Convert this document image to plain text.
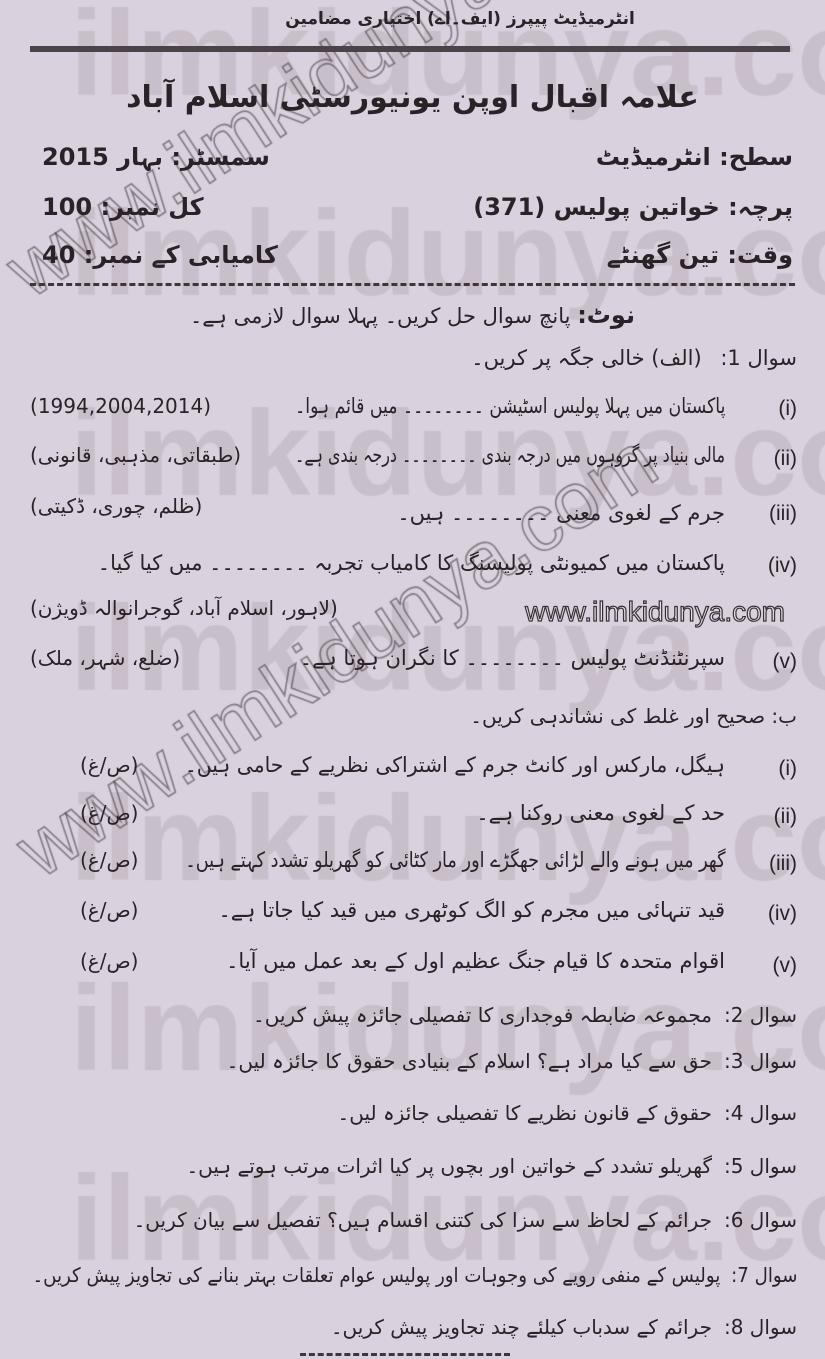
انٹرمیڈیٹ پیپرز (ایف۔اے) اختیاری مضامین
علامہ اقبال اوپن یونیورسٹی اسلام آباد
سطح: انٹرمیڈیٹ
سمسٹر: بہار 2015
پرچہ: خواتین پولیس (371)
کل نمبر: 100
وقت: تین گھنٹے
کامیابی کے نمبر: 40
نوٹ: پانچ سوال حل کریں۔ پہلا سوال لازمی ہے۔
سوال 1: (الف) خالی جگہ پر کریں۔
(i)
پاکستان میں پہلا پولیس اسٹیشن ۔۔۔۔۔۔۔۔ میں قائم ہوا۔
(1994,2004,2014)
(ii)
مالی بنیاد پر گروہوں میں درجہ بندی ۔۔۔۔۔۔۔۔ درجہ بندی ہے۔
(طبقاتی، مذہبی، قانونی)
(iii)
جرم کے لغوی معنی ۔۔۔۔۔۔۔۔ ہیں۔
(ظلم، چوری، ڈکیتی)
(iv)
پاکستان میں کمیونٹی پولیسنگ کا کامیاب تجربہ ۔۔۔۔۔۔۔۔ میں کیا گیا۔
(لاہور، اسلام آباد، گوجرانوالہ ڈویژن)	www.ilmkidunya.com
(v)
سپرنٹنڈنٹ پولیس ۔۔۔۔۔۔۔۔ کا نگران ہوتا ہے۔
(ضلع، شہر، ملک)
ب: صحیح اور غلط کی نشاندہی کریں۔
(i)
ہیگل، مارکس اور کانٹ جرم کے اشتراکی نظریے کے حامی ہیں۔
(ص/غ)
(ii)
حد کے لغوی معنی روکنا ہے۔
(ص/غ)
(iii)
گھر میں ہونے والے لڑائی جھگڑے اور مار کٹائی کو گھریلو تشدد کہتے ہیں۔
(ص/غ)
(iv)
قید تنہائی میں مجرم کو الگ کوٹھری میں قید کیا جاتا ہے۔
(ص/غ)
(v)
اقوام متحدہ کا قیام جنگ عظیم اول کے بعد عمل میں آیا۔
(ص/غ)
سوال 2:مجموعہ ضابطہ فوجداری کا تفصیلی جائزہ پیش کریں۔
سوال 3:حق سے کیا مراد ہے؟ اسلام کے بنیادی حقوق کا جائزہ لیں۔
سوال 4:حقوق کے قانون نظریے کا تفصیلی جائزہ لیں۔
سوال 5:گھریلو تشدد کے خواتین اور بچوں پر کیا اثرات مرتب ہوتے ہیں۔
سوال 6:جرائم کے لحاظ سے سزا کی کتنی اقسام ہیں؟ تفصیل سے بیان کریں۔
سوال 7:پولیس کے منفی رویے کی وجوہات اور پولیس عوام تعلقات بہتر بنانے کی تجاویز پیش کریں۔
سوال 8:جرائم کے سدباب کیلئے چند تجاویز پیش کریں۔
